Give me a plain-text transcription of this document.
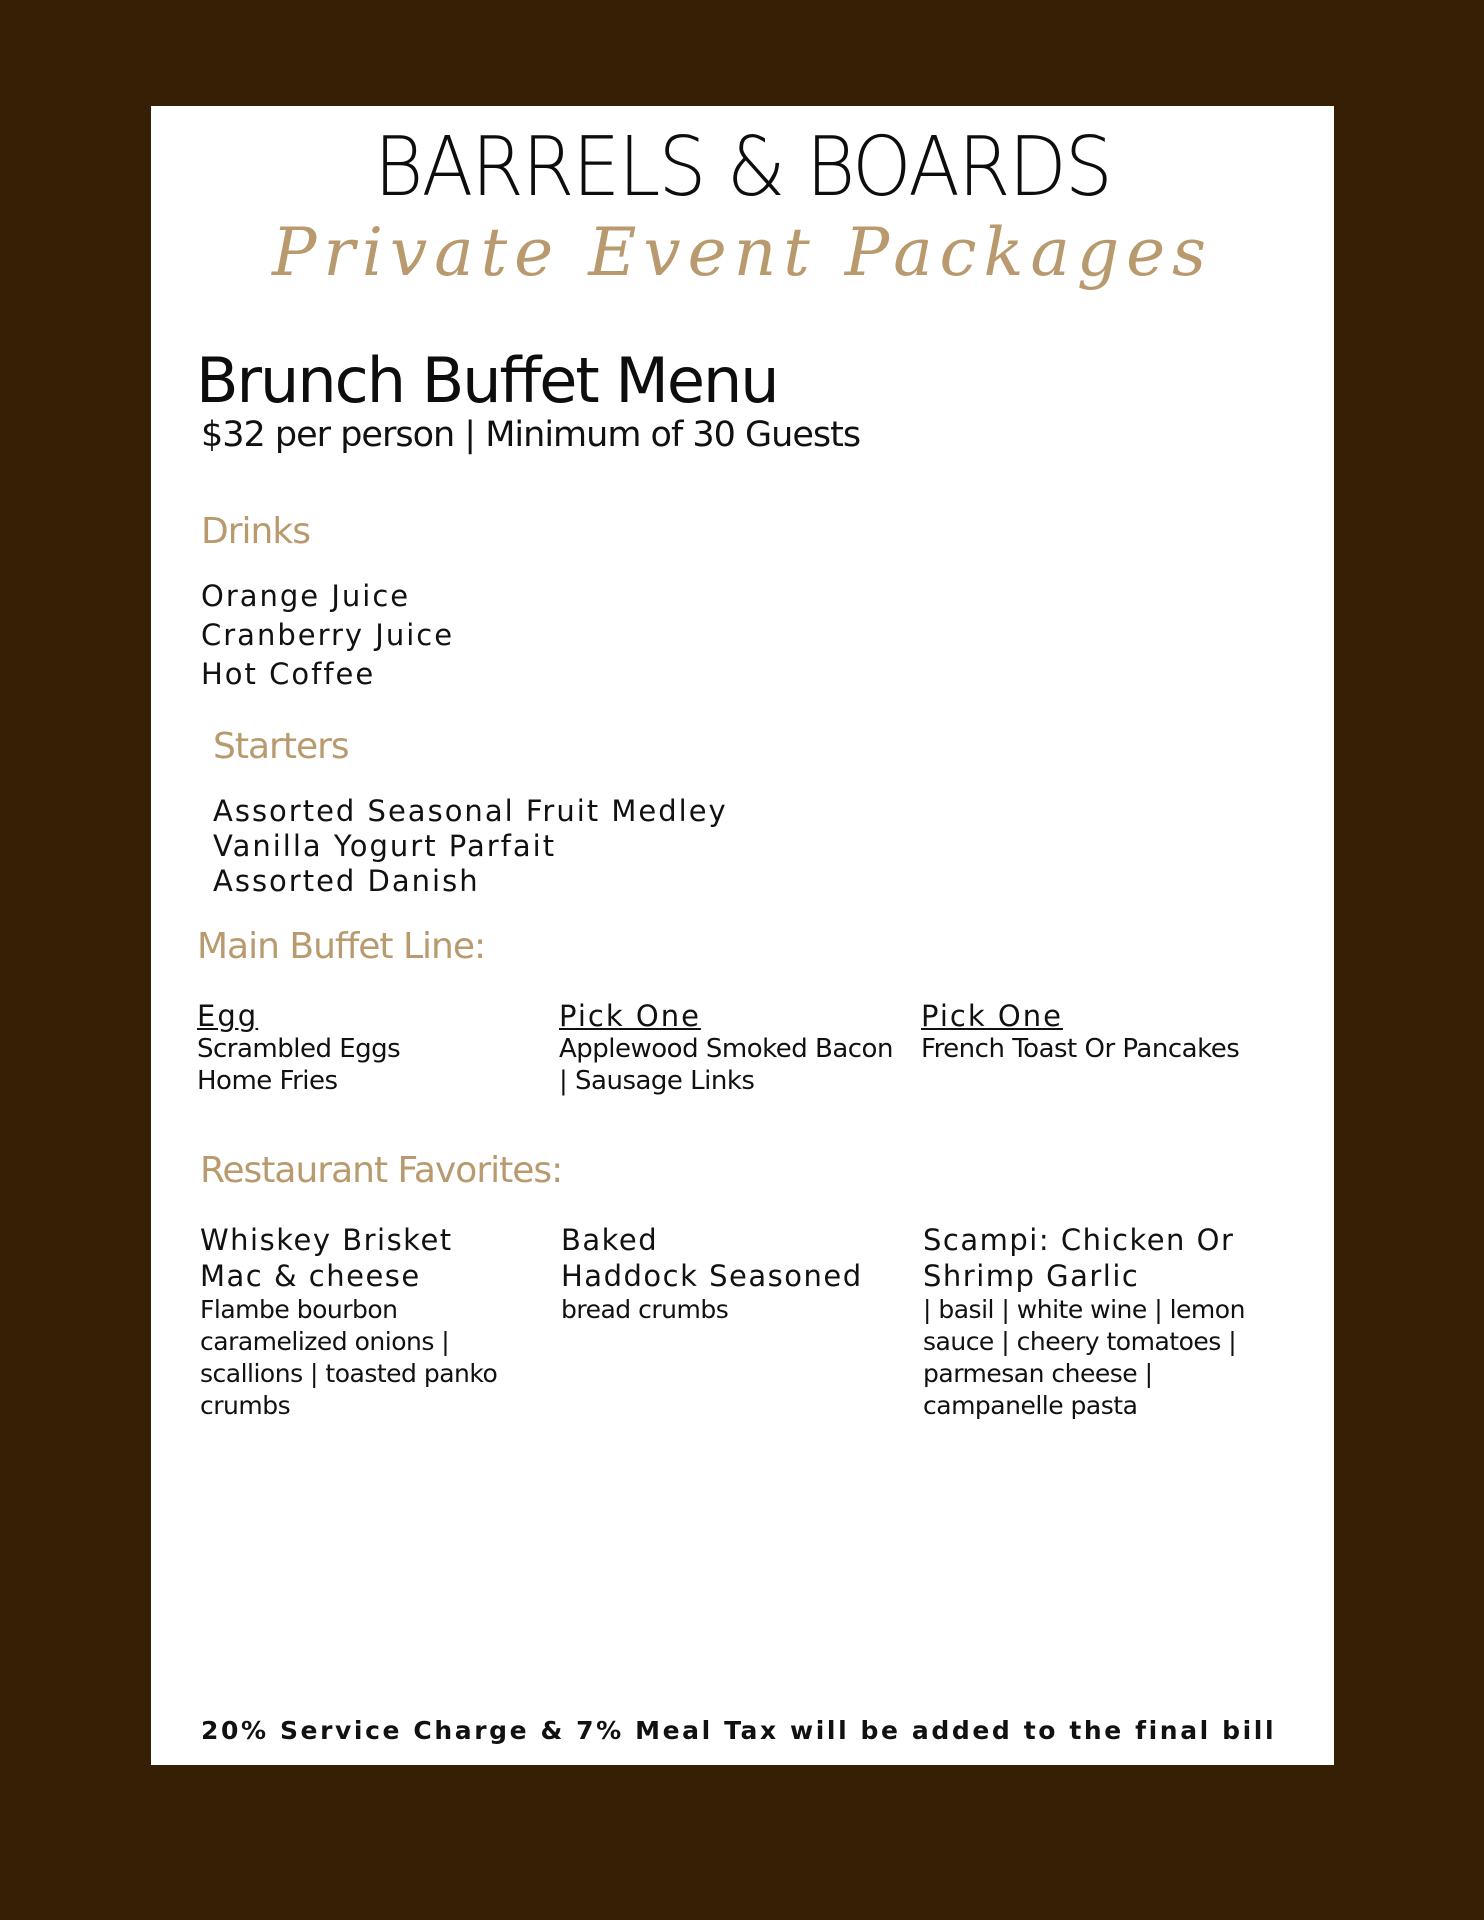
BARRELS & BOARDS
Private Event Packages
Brunch Buffet Menu
$32 per person | Minimum of 30 Guests
Drinks
Orange Juice
Cranberry Juice
Hot Coffee
Starters
Assorted Seasonal Fruit Medley
Vanilla Yogurt Parfait
Assorted Danish
Main Buffet Line:
Egg
Scrambled Eggs
Home Fries
Pick One
Applewood Smoked Bacon
| Sausage Links
Pick One
French Toast Or Pancakes
Restaurant Favorites:
Whiskey Brisket
Mac & cheese
Flambe bourbon
caramelized onions |
scallions | toasted panko
crumbs
Baked
Haddock Seasoned
bread crumbs
Scampi: Chicken Or
Shrimp Garlic
| basil | white wine | lemon
sauce | cheery tomatoes |
parmesan cheese |
campanelle pasta
20% Service Charge & 7% Meal Tax will be added to the final bill
